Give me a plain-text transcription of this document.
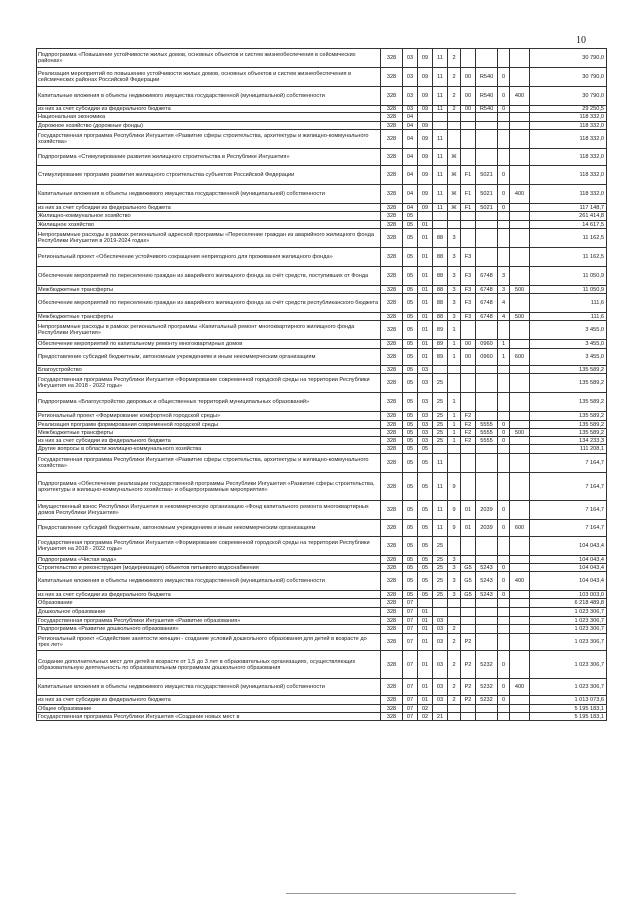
10
Подпрограмма «Повышение устойчивости жилых домов, основных объектов и систем жизнеобеспечения в сейсмических районах»	328	03	09	11	2					30 790,0
Реализация мероприятий по повышению устойчивости жилых домов, основных объектов и систем жизнеобеспечения в сейсмических районах Российской Федерации	328	03	09	11	2	00	R540	0		30 790,0
Капитальные вложения в объекты недвижимого имущества государственной (муниципальной) собственности	328	03	09	11	2	00	R540	0	400	30 790,0
из них за счет субсидии из федерального бюджета	328	03	09	11	2	00	R540	0		29 250,5
Национальная экономика	328	04								118 332,0
Дорожное хозяйство (дорожные фонды)	328	04	09							118 332,0
Государственная программа Республики Ингушетия «Развитие сферы строительства, архитектуры и жилищно-коммунального хозяйства»	328	04	09	11						118 332,0
Подпрограмма «Стимулирование развития жилищного строительства в Республике Ингушетия»	328	04	09	11	Ж					118 332,0
Стимулирование программ развития жилищного строительства субъектов Российской Федерации	328	04	09	11	Ж	F1	5021	0		118 332,0
Капитальные вложения в объекты недвижимого имущества государственной (муниципальной) собственности	328	04	09	11	Ж	F1	5021	0	400	118 332,0
из них за счет субсидии из федерального бюджета	328	04	09	11	Ж	F1	5021	0		117 148,7
Жилищно-коммунальное хозяйство	328	05								261 414,8
Жилищное хозяйство	328	05	01							14 617,5
Непрограммные расходы в рамках региональной адресной программы «Переселение граждан из аварийного жилищного фонда Республики Ингушетия в 2019-2024 годах»	328	05	01	88	3					11 162,5
Региональный проект «Обеспечение устойчивого сокращения непригодного для проживания жилищного фонда»	328	05	01	88	3	F3				11 162,5
Обеспечение мероприятий по переселению граждан из аварийного жилищного фонда за счёт средств, поступивших от Фонда	328	05	01	88	3	F3	6748	3		11 050,9
Межбюджетные трансферты	328	05	01	88	3	F3	6748	3	500	11 050,9
Обеспечение мероприятий по переселению граждан из аварийного жилищного фонда за счёт средств республиканского бюджета	328	05	01	88	3	F3	6748	4		111,6
Межбюджетные трансферты	328	05	01	88	3	F3	6748	4	500	111,6
Непрограммные расходы в рамках региональной программы «Капитальный ремонт многоквартирного жилищного фонда Республики Ингушетия»	328	05	01	89	1					3 455,0
Обеспечение мероприятий по капитальному ремонту многоквартирных домов	328	05	01	89	1	00	0960	1		3 455,0
Предоставление субсидий бюджетным, автономным учреждениям и иным некоммерческим организациям	328	05	01	89	1	00	0960	1	600	3 455,0
Благоустройство	328	05	03							135 589,2
Государственная программа Республики Ингушетия «Формирование современной городской среды на территории Республики Ингушетия на 2018 - 2022 годы»	328	05	03	25						135 589,2
Подпрограмма «Благоустройство дворовых и общественных территорий муниципальных образований»	328	05	03	25	1					135 589,2
Региональный проект «Формирование комфортной городской среды»	328	05	03	25	1	F2				135 589,2
Реализация программ формирования современной городской среды	328	05	03	25	1	F2	5555	0		135 589,2
Межбюджетные трансферты	328	05	03	25	1	F2	5555	0	500	135 589,2
из них за счет субсидии из федерального бюджета	328	05	03	25	1	F2	5555	0		134 233,3
Другие вопросы в области жилищно-коммунального хозяйства	328	05	05							111 208,1
Государственная программа Республики Ингушетия «Развитие сферы строительства, архитектуры и жилищно-коммунального хозяйства»	328	05	05	11						7 164,7
Подпрограмма «Обеспечение реализации государственной программы Республики Ингушетия «Развитие сферы строительства, архитектуры и жилищно-коммунального хозяйства» и общепрограммные мероприятия»	328	05	05	11	9					7 164,7
Имущественный взнос Республики Ингушетия в некоммерческую организацию «Фонд капитального ремонта многоквартирных домов Республики Ингушетия»	328	05	05	11	9	01	2039	0		7 164,7
Предоставление субсидий бюджетным, автономным учреждениям и иным некоммерческим организациям	328	05	05	11	9	01	2039	0	600	7 164,7
Государственная программа Республики Ингушетия «Формирование современной городской среды на территории Республики Ингушетия на 2018 - 2022 годы»	328	05	05	25						104 043,4
Подпрограмма «Чистая вода»	328	05	05	25	3					104 043,4
Строительство и реконструкция (модернизация) объектов питьевого водоснабжения	328	05	05	25	3	G5	5243	0		104 043,4
Капитальные вложения в объекты недвижимого имущества государственной (муниципальной) собственности	328	05	05	25	3	G5	5243	0	400	104 043,4
из них за счет субсидии из федерального бюджета	328	05	05	25	3	G5	5243	0		103 003,0
Образование	328	07								6 218 489,8
Дошкольное образование	328	07	01							1 023 306,7
Государственная программа Республики Ингушетия «Развитие образования»	328	07	01	03						1 023 306,7
Подпрограмма «Развитие дошкольного образования»	328	07	01	03	2					1 023 306,7
Региональный проект «Содействие занятости женщин - создание условий дошкольного образования для детей в возрасте до трех лет»	328	07	01	03	2	P2				1 023 306,7
Создание дополнительных мест для детей в возрасте от 1,5 до 3 лет в образовательных организациях, осуществляющих образовательную деятельность по образовательным программам дошкольного образования	328	07	01	03	2	P2	5232	0		1 023 306,7
Капитальные вложения в объекты недвижимого имущества государственной (муниципальной) собственности	328	07	01	03	2	P2	5232	0	400	1 023 306,7
из них за счет субсидии из федерального бюджета	328	07	01	03	2	P2	5232	0		1 013 073,6
Общее образование	328	07	02							5 195 183,1
Государственная программа Республики Ингушетия «Создание новых мест в	328	07	02	21						5 195 183,1
